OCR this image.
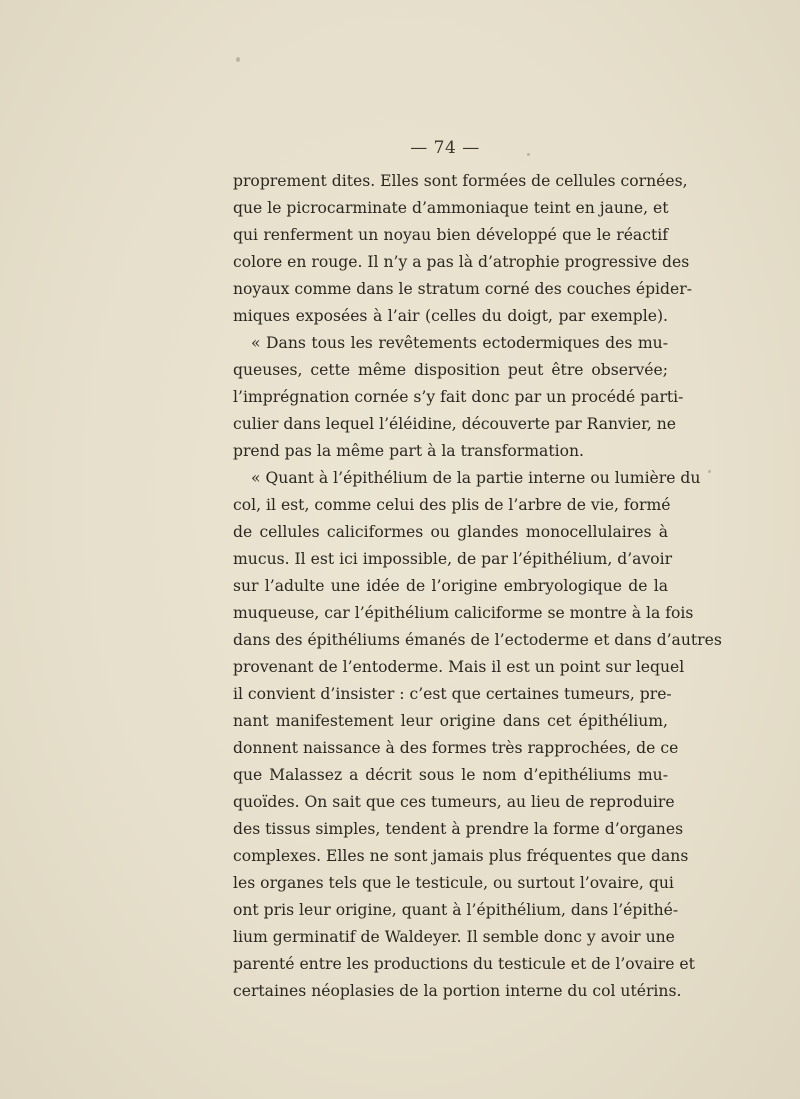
— 74 —
proprement dites. Elles sont formées de cellules cornées,
que le picrocarminate d’ammoniaque teint en jaune, et
qui renferment un noyau bien développé que le réactif
colore en rouge. Il n’y a pas là d’atrophie progressive des
noyaux comme dans le stratum corné des couches épider-
miques exposées à l’air (celles du doigt, par exemple).
« Dans tous les revêtements ectodermiques des mu-
queuses, cette même disposition peut être observée;
l’imprégnation cornée s’y fait donc par un procédé parti-
culier dans lequel l’éléidine, découverte par Ranvier, ne
prend pas la même part à la transformation.
« Quant à l’épithélium de la partie interne ou lumière du
col, il est, comme celui des plis de l’arbre de vie, formé
de cellules caliciformes ou glandes monocellulaires à
mucus. Il est ici impossible, de par l’épithélium, d’avoir
sur l’adulte une idée de l’origine embryologique de la
muqueuse, car l’épithélium caliciforme se montre à la fois
dans des épithéliums émanés de l’ectoderme et dans d’autres
provenant de l’entoderme. Mais il est un point sur lequel
il convient d’insister : c’est que certaines tumeurs, pre-
nant manifestement leur origine dans cet épithélium,
donnent naissance à des formes très rapprochées, de ce
que Malassez a décrit sous le nom d’epithéliums mu-
quoïdes. On sait que ces tumeurs, au lieu de reproduire
des tissus simples, tendent à prendre la forme d’organes
complexes. Elles ne sont jamais plus fréquentes que dans
les organes tels que le testicule, ou surtout l’ovaire, qui
ont pris leur origine, quant à l’épithélium, dans l’épithé-
lium germinatif de Waldeyer. Il semble donc y avoir une
parenté entre les productions du testicule et de l’ovaire et
certaines néoplasies de la portion interne du col utérins.
